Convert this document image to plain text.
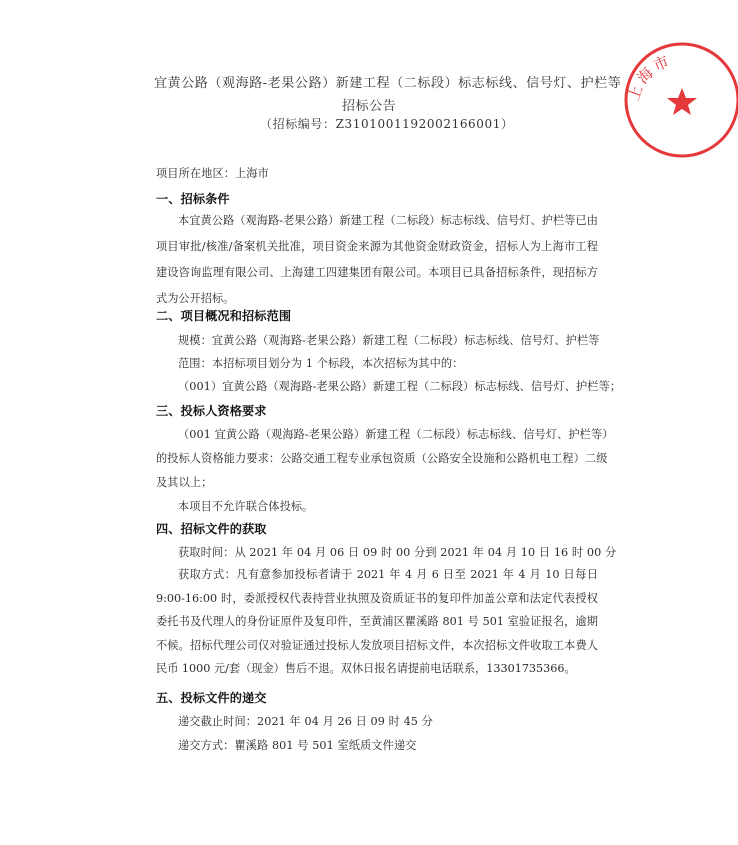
宜黄公路（观海路-老果公路）新建工程（二标段）标志标线、信号灯、护栏等
招标公告
（招标编号：Z3101001192002166001）
项目所在地区：上海市
一、招标条件
本宜黄公路（观海路-老果公路）新建工程（二标段）标志标线、信号灯、护栏等已由项目审批/核准/备案机关批准，项目资金来源为其他资金财政资金，招标人为上海市工程建设咨询监理有限公司、上海建工四建集团有限公司。本项目已具备招标条件，现招标方式为公开招标。
二、项目概况和招标范围
规模：宜黄公路（观海路-老果公路）新建工程（二标段）标志标线、信号灯、护栏等
范围：本招标项目划分为 1 个标段，本次招标为其中的：
（001）宜黄公路（观海路-老果公路）新建工程（二标段）标志标线、信号灯、护栏等；
三、投标人资格要求
（001 宜黄公路（观海路-老果公路）新建工程（二标段）标志标线、信号灯、护栏等）
的投标人资格能力要求：公路交通工程专业承包资质（公路安全设施和公路机电工程）二级
及其以上；
本项目不允许联合体投标。
四、招标文件的获取
获取时间：从 2021 年 04 月 06 日 09 时 00 分到 2021 年 04 月 10 日 16 时 00 分
获取方式：凡有意参加投标者请于 2021 年 4 月 6 日至 2021 年 4 月 10 日每日 9:00-16:00 时，委派授权代表持营业执照及资质证书的复印件加盖公章和法定代表授权委托书及代理人的身份证原件及复印件，至黄浦区瞿溪路 801 号 501 室验证报名，逾期不候。招标代理公司仅对验证通过投标人发放项目招标文件，本次招标文件收取工本费人民币 1000 元/套（现金）售后不退。双休日报名请提前电话联系，13301735366。
五、投标文件的递交
递交截止时间：2021 年 04 月 26 日 09 时 45 分
递交方式：瞿溪路 801 号 501 室纸质文件递交
上海市
